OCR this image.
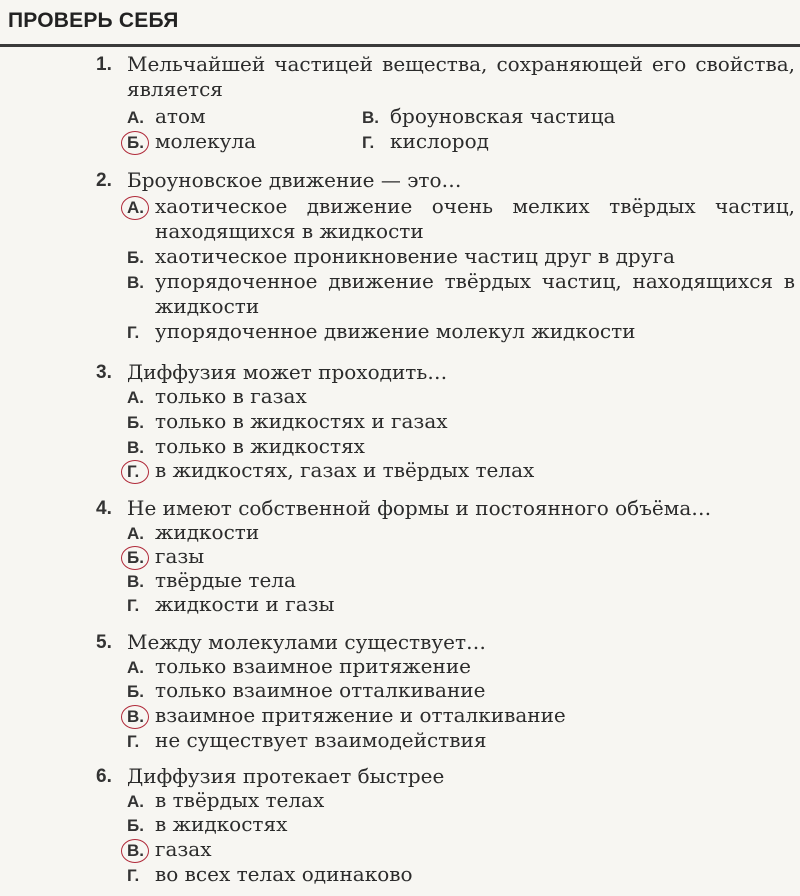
ПРОВЕРЬ СЕБЯ
1. Мельчайшей частицей вещества, сохраняющей его свойства, является
А. атом
Б. молекула
В. броуновская частица
Г. кислород
2. Броуновское движение — это…
А. хаотическое движение очень мелких твёрдых частиц, находящихся в жидкости
Б. хаотическое проникновение частиц друг в друга
В. упорядоченное движение твёрдых частиц, находящихся в жидкости
Г. упорядоченное движение молекул жидкости
3. Диффузия может проходить…
А. только в газах
Б. только в жидкостях и газах
В. только в жидкостях
Г. в жидкостях, газах и твёрдых телах
4. Не имеют собственной формы и постоянного объёма…
А. жидкости
Б. газы
В. твёрдые тела
Г. жидкости и газы
5. Между молекулами существует…
А. только взаимное притяжение
Б. только взаимное отталкивание
В. взаимное притяжение и отталкивание
Г. не существует взаимодействия
6. Диффузия протекает быстрее
А. в твёрдых телах
Б. в жидкостях
В. газах
Г. во всех телах одинаково
